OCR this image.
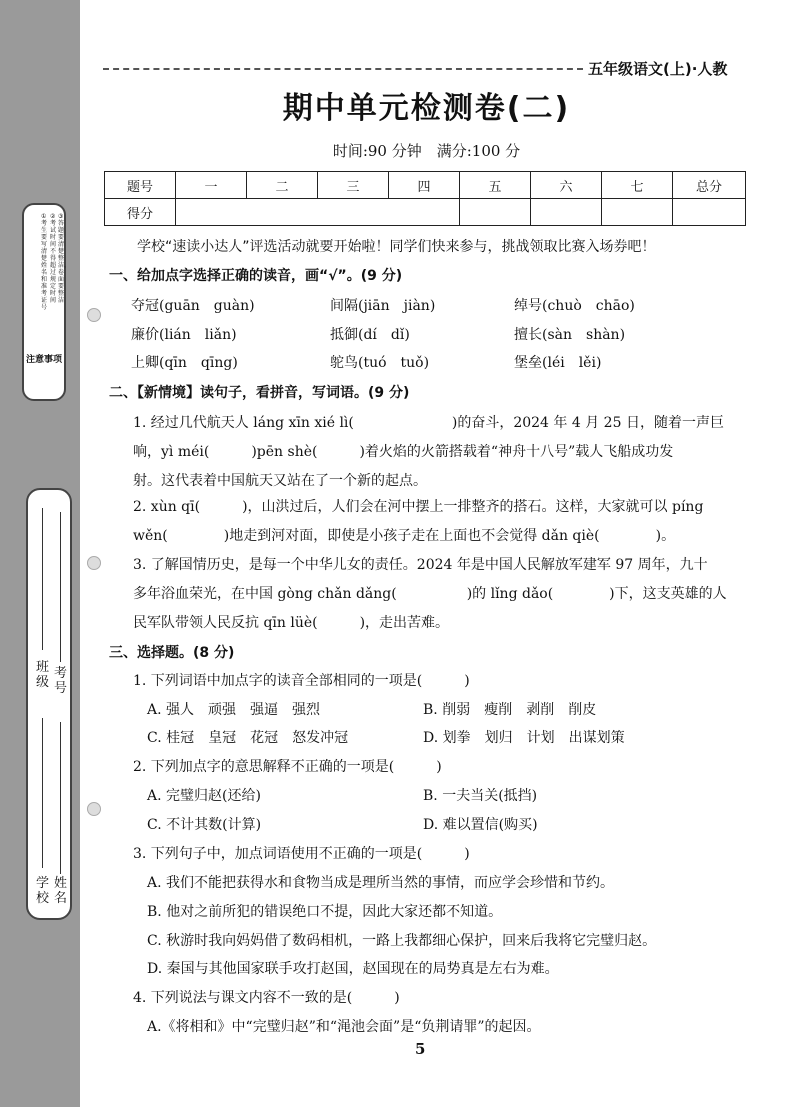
注意事项
①考生要写清楚姓名和准考证号
②考试时间不得超过规定时间
③答题要清楚整洁，卷面要整洁
班级
考号
学校
姓名
五年级语文(上)·人教
期中单元检测卷(二)
时间:90 分钟　满分:100 分
题号	一	二	三	四	五	六	七	总分
得分								
学校“速读小达人”评选活动就要开始啦！同学们快来参与，挑战领取比赛入场券吧！
一、给加点字选择正确的读音，画“√”。(9 分)
夺冠(guān　guàn)	间隔(jiān　jiàn)	绰号(chuò　chāo)
廉价(lián　liǎn)	抵御(dí　dǐ)	擅长(sàn　shàn)
上卿(qīn　qīng)	鸵鸟(tuó　tuǒ)	堡垒(léi　lěi)
二、【新情境】读句子，看拼音，写词语。(9 分)
1. 经过几代航天人 láng xīn xié lì(　　　　　　　)的奋斗，2024 年 4 月 25 日，随着一声巨
响，yì méi(　　　)pēn shè(　　　)着火焰的火箭搭载着“神舟十八号”载人飞船成功发
射。这代表着中国航天又站在了一个新的起点。
2. xùn qī(　　　)，山洪过后，人们会在河中摆上一排整齐的搭石。这样，大家就可以 píng
wěn(　　　　)地走到河对面，即使是小孩子走在上面也不会觉得 dǎn qiè(　　　　)。
3. 了解国情历史，是每一个中华儿女的责任。2024 年是中国人民解放军建军 97 周年，九十
多年浴血荣光，在中国 gòng chǎn dǎng(　　　　　)的 lǐng dǎo(　　　　)下，这支英雄的人
民军队带领人民反抗 qīn lüè(　　　)，走出苦难。
三、选择题。(8 分)
1. 下列词语中加点字的读音全部相同的一项是(　　　)
A. 强人　顽强　强逼　强烈	B. 削弱　瘦削　剥削　削皮
C. 桂冠　皇冠　花冠　怒发冲冠	D. 划拳　划归　计划　出谋划策
2. 下列加点字的意思解释不正确的一项是(　　　)
A. 完璧归赵(还给)	B. 一夫当关(抵挡)
C. 不计其数(计算)	D. 难以置信(购买)
3. 下列句子中，加点词语使用不正确的一项是(　　　)
A. 我们不能把获得水和食物当成是理所当然的事情，而应学会珍惜和节约。
B. 他对之前所犯的错误绝口不提，因此大家还都不知道。
C. 秋游时我向妈妈借了数码相机，一路上我都细心保护，回来后我将它完璧归赵。
D. 秦国与其他国家联手攻打赵国，赵国现在的局势真是左右为难。
4. 下列说法与课文内容不一致的是(　　　)
A.《将相和》中“完璧归赵”和“渑池会面”是“负荆请罪”的起因。
5
